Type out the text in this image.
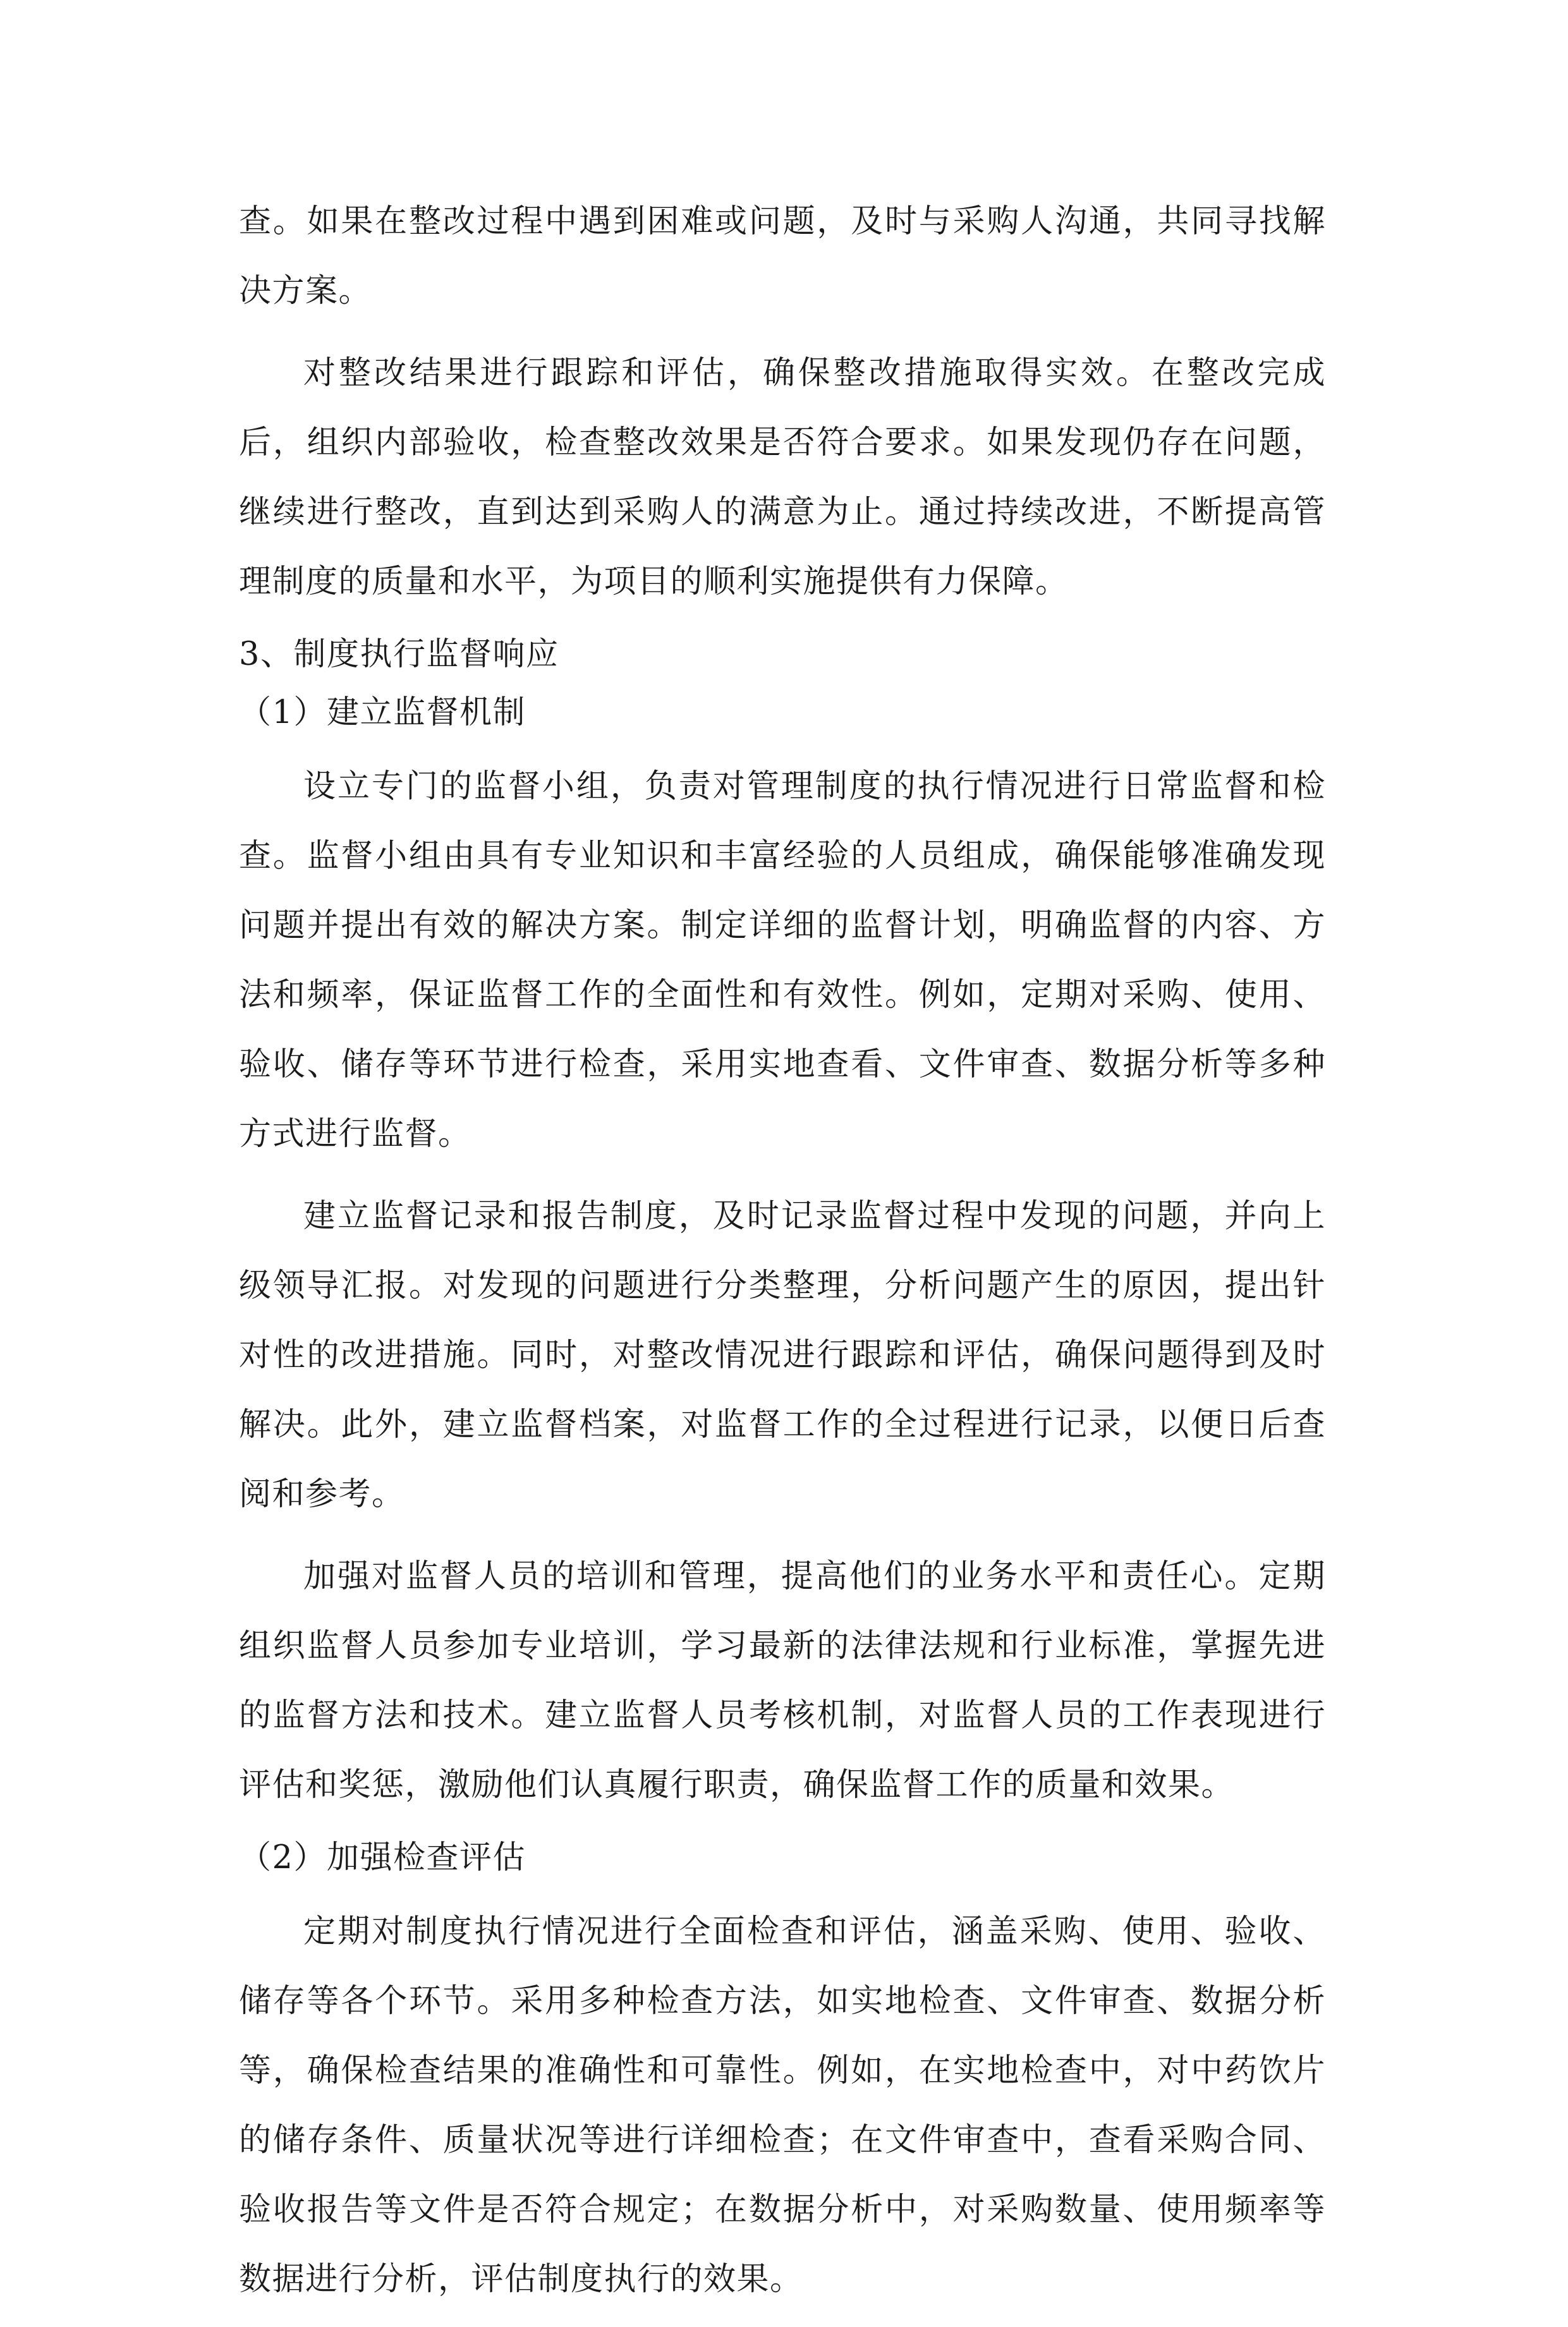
查。如果在整改过程中遇到困难或问题，及时与采购人沟通，共同寻找解决方案。

对整改结果进行跟踪和评估，确保整改措施取得实效。在整改完成后，组织内部验收，检查整改效果是否符合要求。如果发现仍存在问题，继续进行整改，直到达到采购人的满意为止。通过持续改进，不断提高管理制度的质量和水平，为项目的顺利实施提供有力保障。

3、制度执行监督响应

（1）建立监督机制

设立专门的监督小组，负责对管理制度的执行情况进行日常监督和检查。监督小组由具有专业知识和丰富经验的人员组成，确保能够准确发现问题并提出有效的解决方案。制定详细的监督计划，明确监督的内容、方法和频率，保证监督工作的全面性和有效性。例如，定期对采购、使用、验收、储存等环节进行检查，采用实地查看、文件审查、数据分析等多种方式进行监督。

建立监督记录和报告制度，及时记录监督过程中发现的问题，并向上级领导汇报。对发现的问题进行分类整理，分析问题产生的原因，提出针对性的改进措施。同时，对整改情况进行跟踪和评估，确保问题得到及时解决。此外，建立监督档案，对监督工作的全过程进行记录，以便日后查阅和参考。

加强对监督人员的培训和管理，提高他们的业务水平和责任心。定期组织监督人员参加专业培训，学习最新的法律法规和行业标准，掌握先进的监督方法和技术。建立监督人员考核机制，对监督人员的工作表现进行评估和奖惩，激励他们认真履行职责，确保监督工作的质量和效果。

（2）加强检查评估

定期对制度执行情况进行全面检查和评估，涵盖采购、使用、验收、储存等各个环节。采用多种检查方法，如实地检查、文件审查、数据分析等，确保检查结果的准确性和可靠性。例如，在实地检查中，对中药饮片的储存条件、质量状况等进行详细检查；在文件审查中，查看采购合同、验收报告等文件是否符合规定；在数据分析中，对采购数量、使用频率等数据进行分析，评估制度执行的效果。
